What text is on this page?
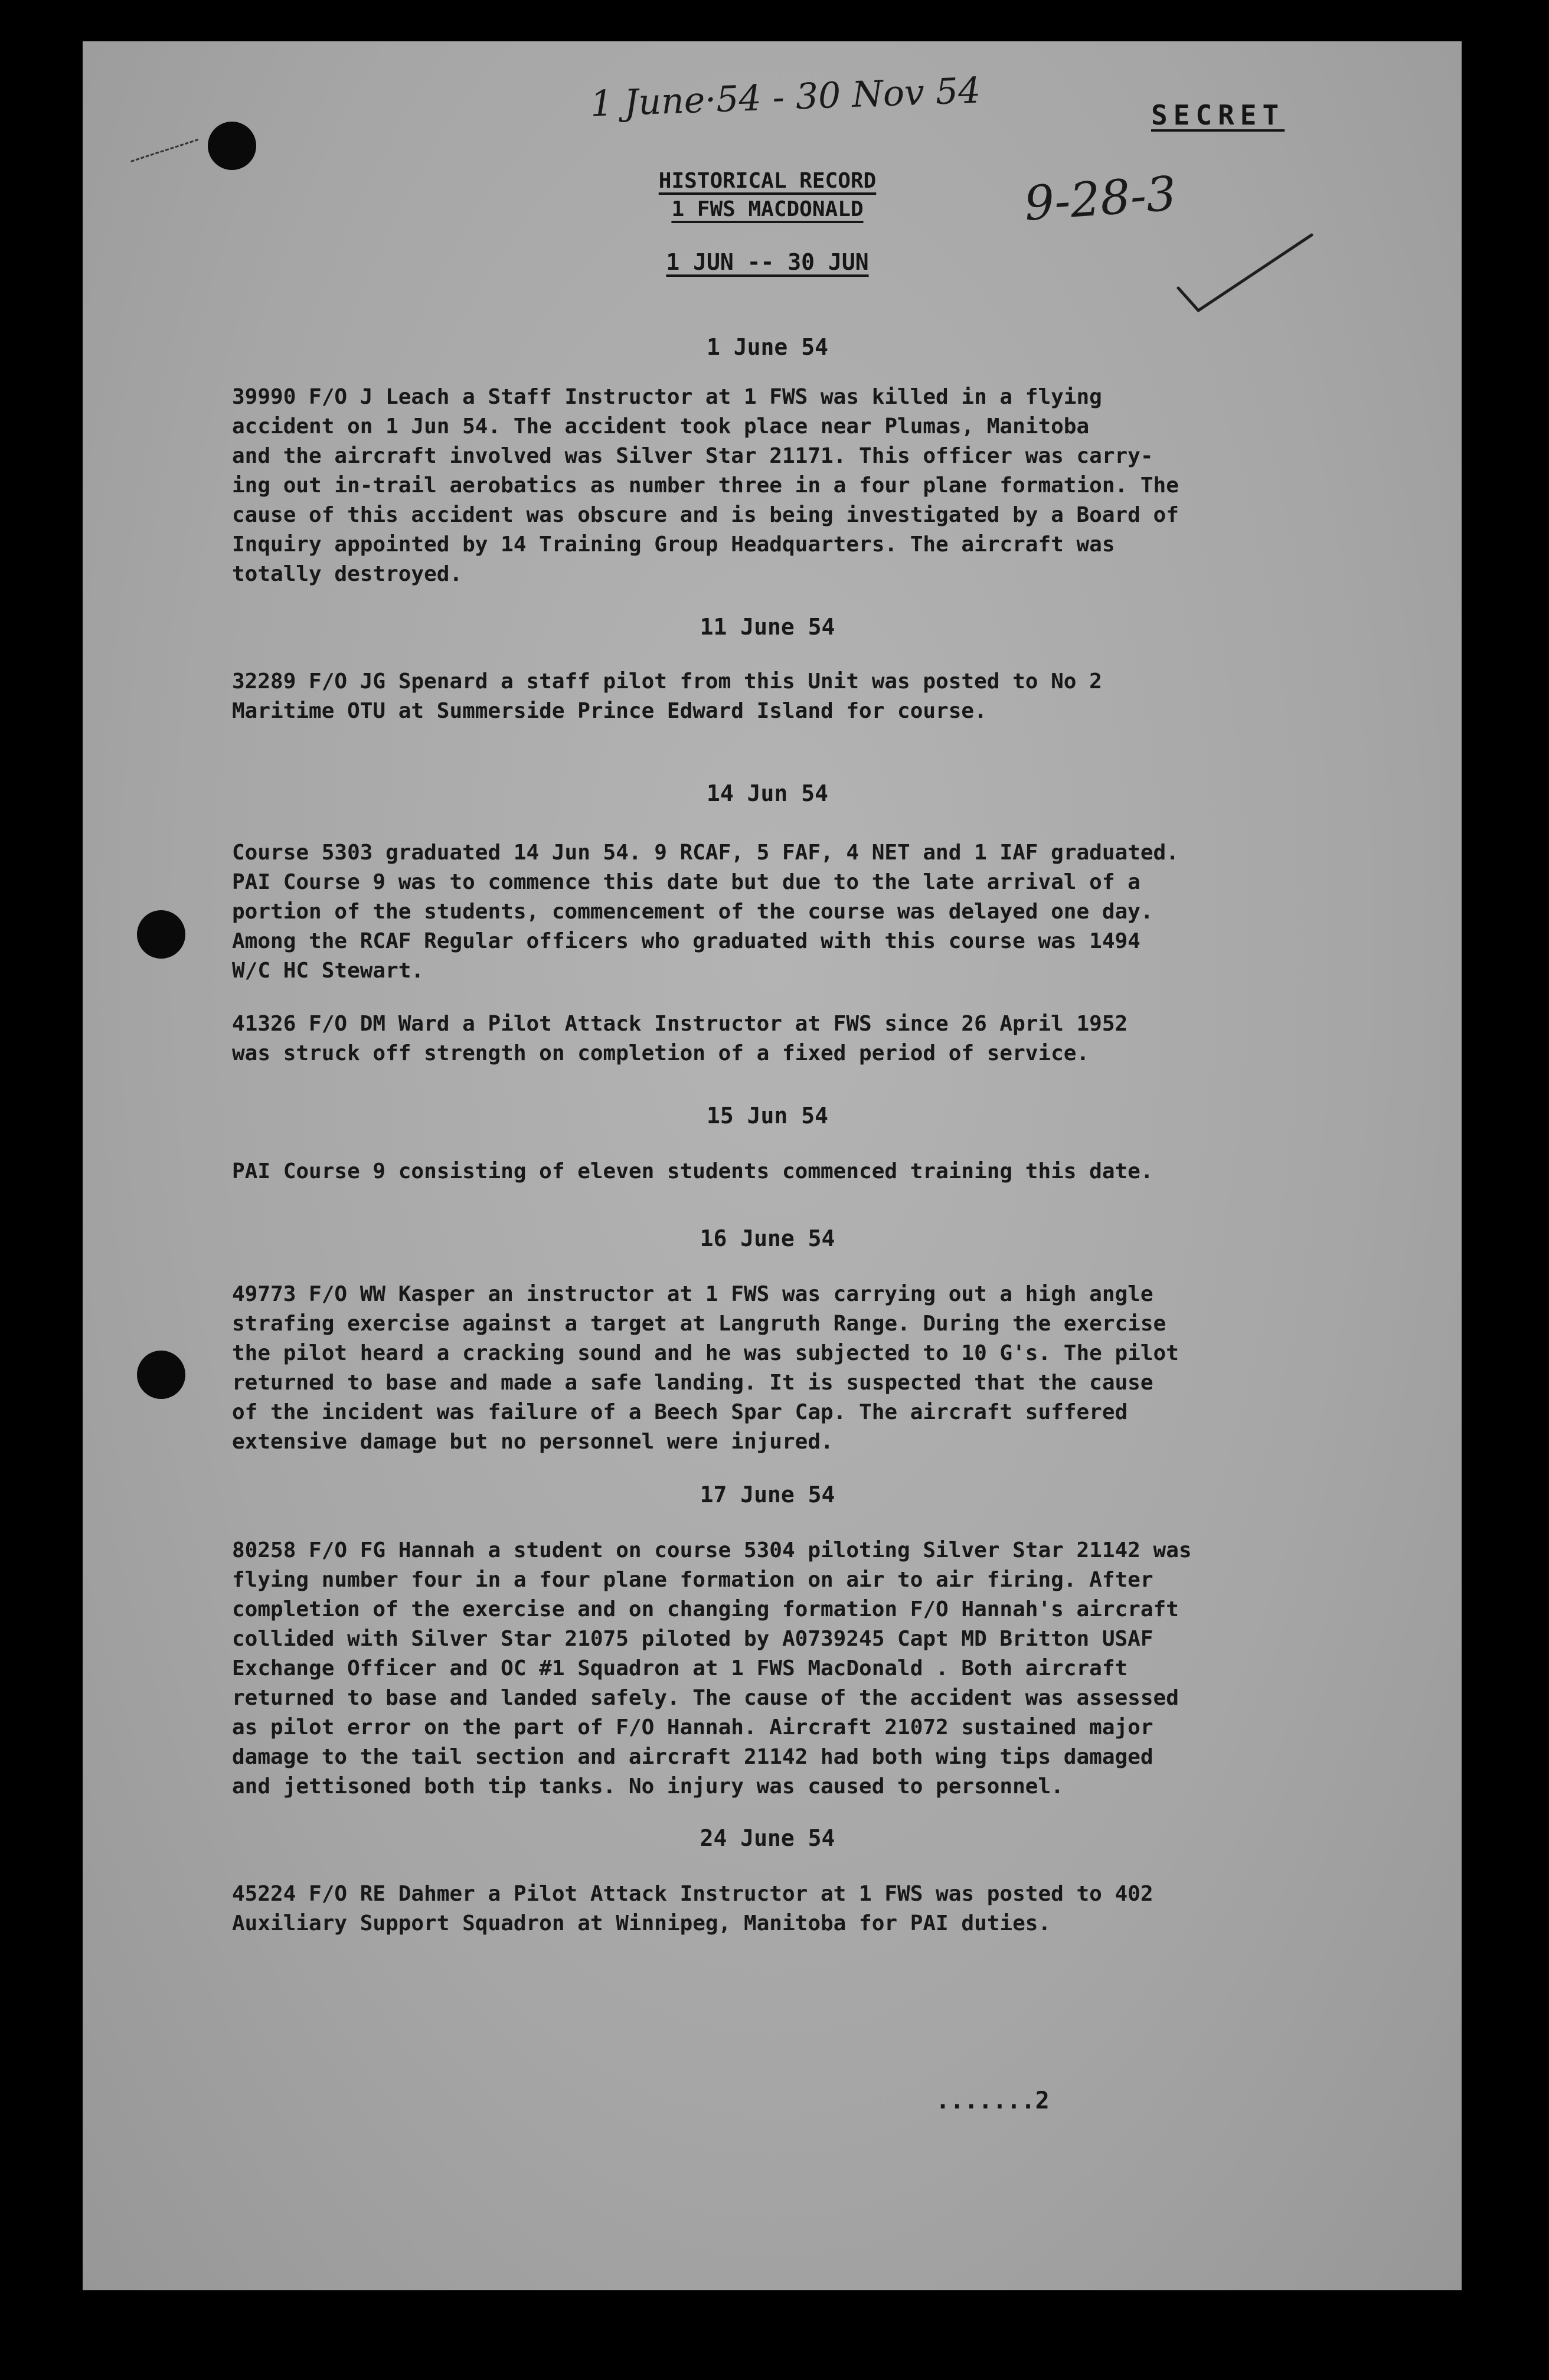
1 June·54 - 30 Nov 54
9-28-3
SECRET
HISTORICAL RECORD
1 FWS MACDONALD
1 JUN -- 30 JUN
1 June 54
39990 F/O J Leach a Staff Instructor at 1 FWS was killed in a flying
accident on 1 Jun 54. The accident took place near Plumas, Manitoba
and the aircraft involved was Silver Star 21171. This officer was carry-
ing out in-trail aerobatics as number three in a four plane formation. The
cause of this accident was obscure and is being investigated by a Board of
Inquiry appointed by 14 Training Group Headquarters. The aircraft was
totally destroyed.
11 June 54
32289 F/O JG Spenard a staff pilot from this Unit was posted to No 2
Maritime OTU at Summerside Prince Edward Island for course.
14 Jun 54
Course 5303 graduated 14 Jun 54. 9 RCAF, 5 FAF, 4 NET and 1 IAF graduated.
PAI Course 9 was to commence this date but due to the late arrival of a
portion of the students, commencement of the course was delayed one day.
Among the RCAF Regular officers who graduated with this course was 1494
W/C HC Stewart.
41326 F/O DM Ward a Pilot Attack Instructor at FWS since 26 April 1952
was struck off strength on completion of a fixed period of service.
15 Jun 54
PAI Course 9 consisting of eleven students commenced training this date.
16 June 54
49773 F/O WW Kasper an instructor at 1 FWS was carrying out a high angle
strafing exercise against a target at Langruth Range. During the exercise
the pilot heard a cracking sound and he was subjected to 10 G's. The pilot
returned to base and made a safe landing. It is suspected that the cause
of the incident was failure of a Beech Spar Cap. The aircraft suffered
extensive damage but no personnel were injured.
17 June 54
80258 F/O FG Hannah a student on course 5304 piloting Silver Star 21142 was
flying number four in a four plane formation on air to air firing. After
completion of the exercise and on changing formation F/O Hannah's aircraft
collided with Silver Star 21075 piloted by A0739245 Capt MD Britton USAF
Exchange Officer and OC #1 Squadron at 1 FWS MacDonald . Both aircraft
returned to base and landed safely. The cause of the accident was assessed
as pilot error on the part of F/O Hannah. Aircraft 21072 sustained major
damage to the tail section and aircraft 21142 had both wing tips damaged
and jettisoned both tip tanks. No injury was caused to personnel.
24 June 54
45224 F/O RE Dahmer a Pilot Attack Instructor at 1 FWS was posted to 402
Auxiliary Support Squadron at Winnipeg, Manitoba for PAI duties.
.......2
